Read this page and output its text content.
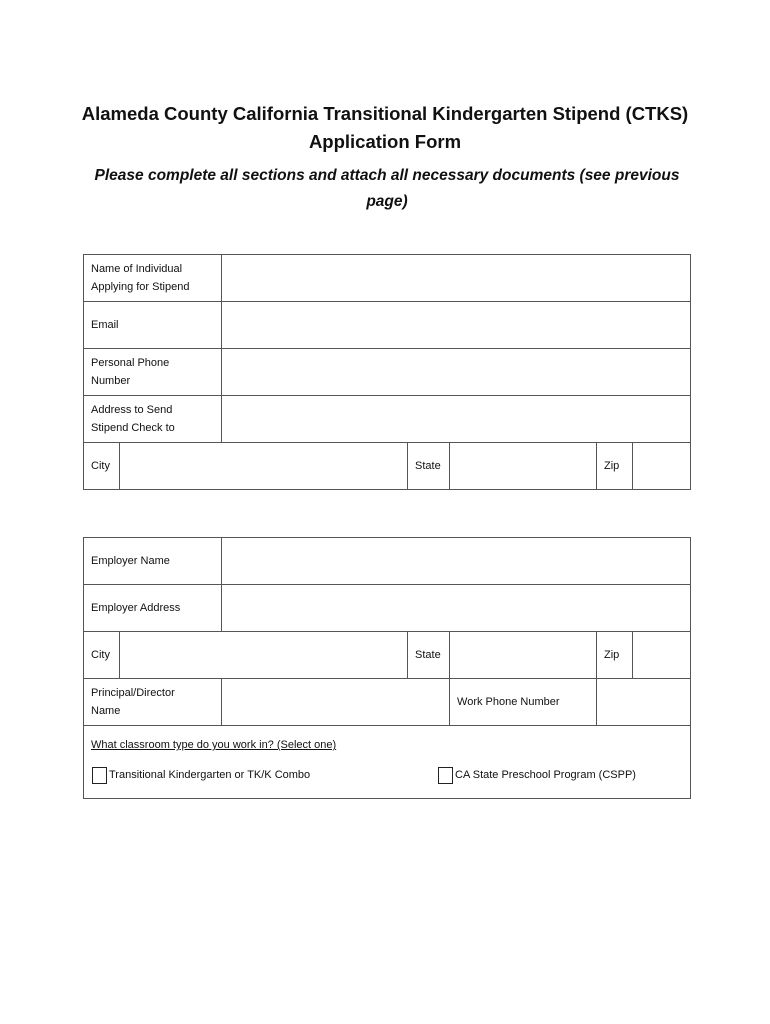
Alameda County California Transitional Kindergarten Stipend (CTKS)
Application Form

Please complete all sections and attach all necessary documents (see previous
page)

Name of Individual
Applying for Stipend						
Email						
Personal Phone
Number						
Address to Send
Stipend Check to						
City			State		Zip	
Employer Name						
Employer Address						
City			State		Zip	
Principal/Director
Name				Work Phone Number		

What classroom type do you work in? (Select one)
Transitional Kindergarten or TK/K Combo CA State Preschool Program (CSPP)						
